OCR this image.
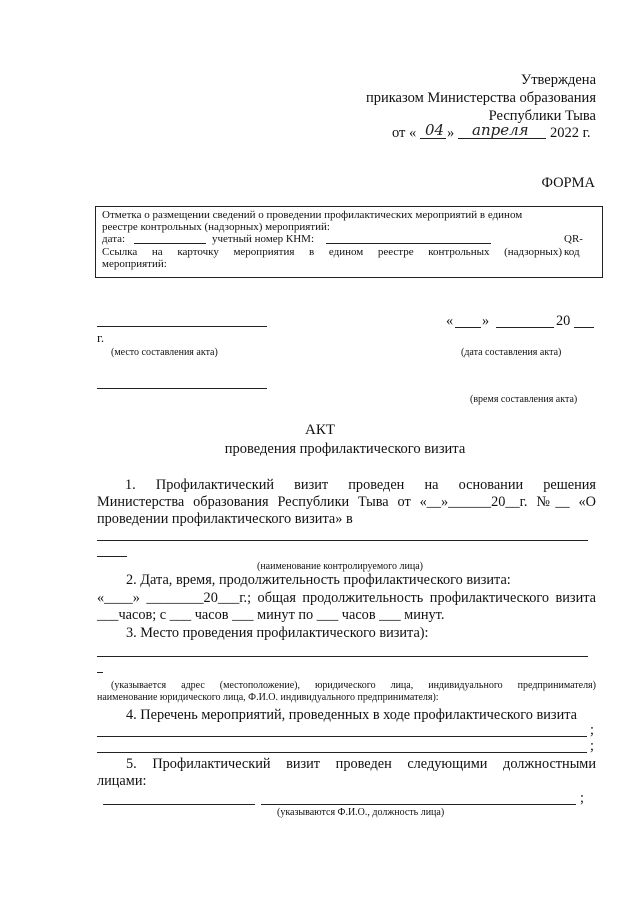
Утверждена
приказом Министерства образования
Республики Тыва
от « 04 » апреля 2022 г.
ФОРМА
Отметка о размещении сведений о проведении профилактических мероприятий в едином
реестре контрольных (надзорных) мероприятий:
дата:	учетный номер КНМ:	QR-код
Ссылка на карточку мероприятия в едином реестре контрольных (надзорных)
мероприятий:
г.
(место составления акта)
« »	20
(дата составления акта)
(время составления акта)
АКТ
проведения профилактического визита
1. Профилактический визит проведен на основании решения
Министерства образования Республики Тыва от «__»______20__г. №__ «О
проведении профилактического визита» в
(наименование контролируемого лица)
2. Дата, время, продолжительность профилактического визита:
«____» ________20___г.; общая продолжительность профилактического визита
___часов; с ___ часов ___ минут по ___ часов ___ минут.
3. Место проведения профилактического визита):
(указывается адрес (местоположение), юридического лица, индивидуального предпринимателя)
наименование юридического лица, Ф.И.О. индивидуального предпринимателя):
4. Перечень мероприятий, проведенных в ходе профилактического визита
;
;
5. Профилактический визит проведен следующими должностными
лицами:
;
(указываются Ф.И.О., должность лица)
